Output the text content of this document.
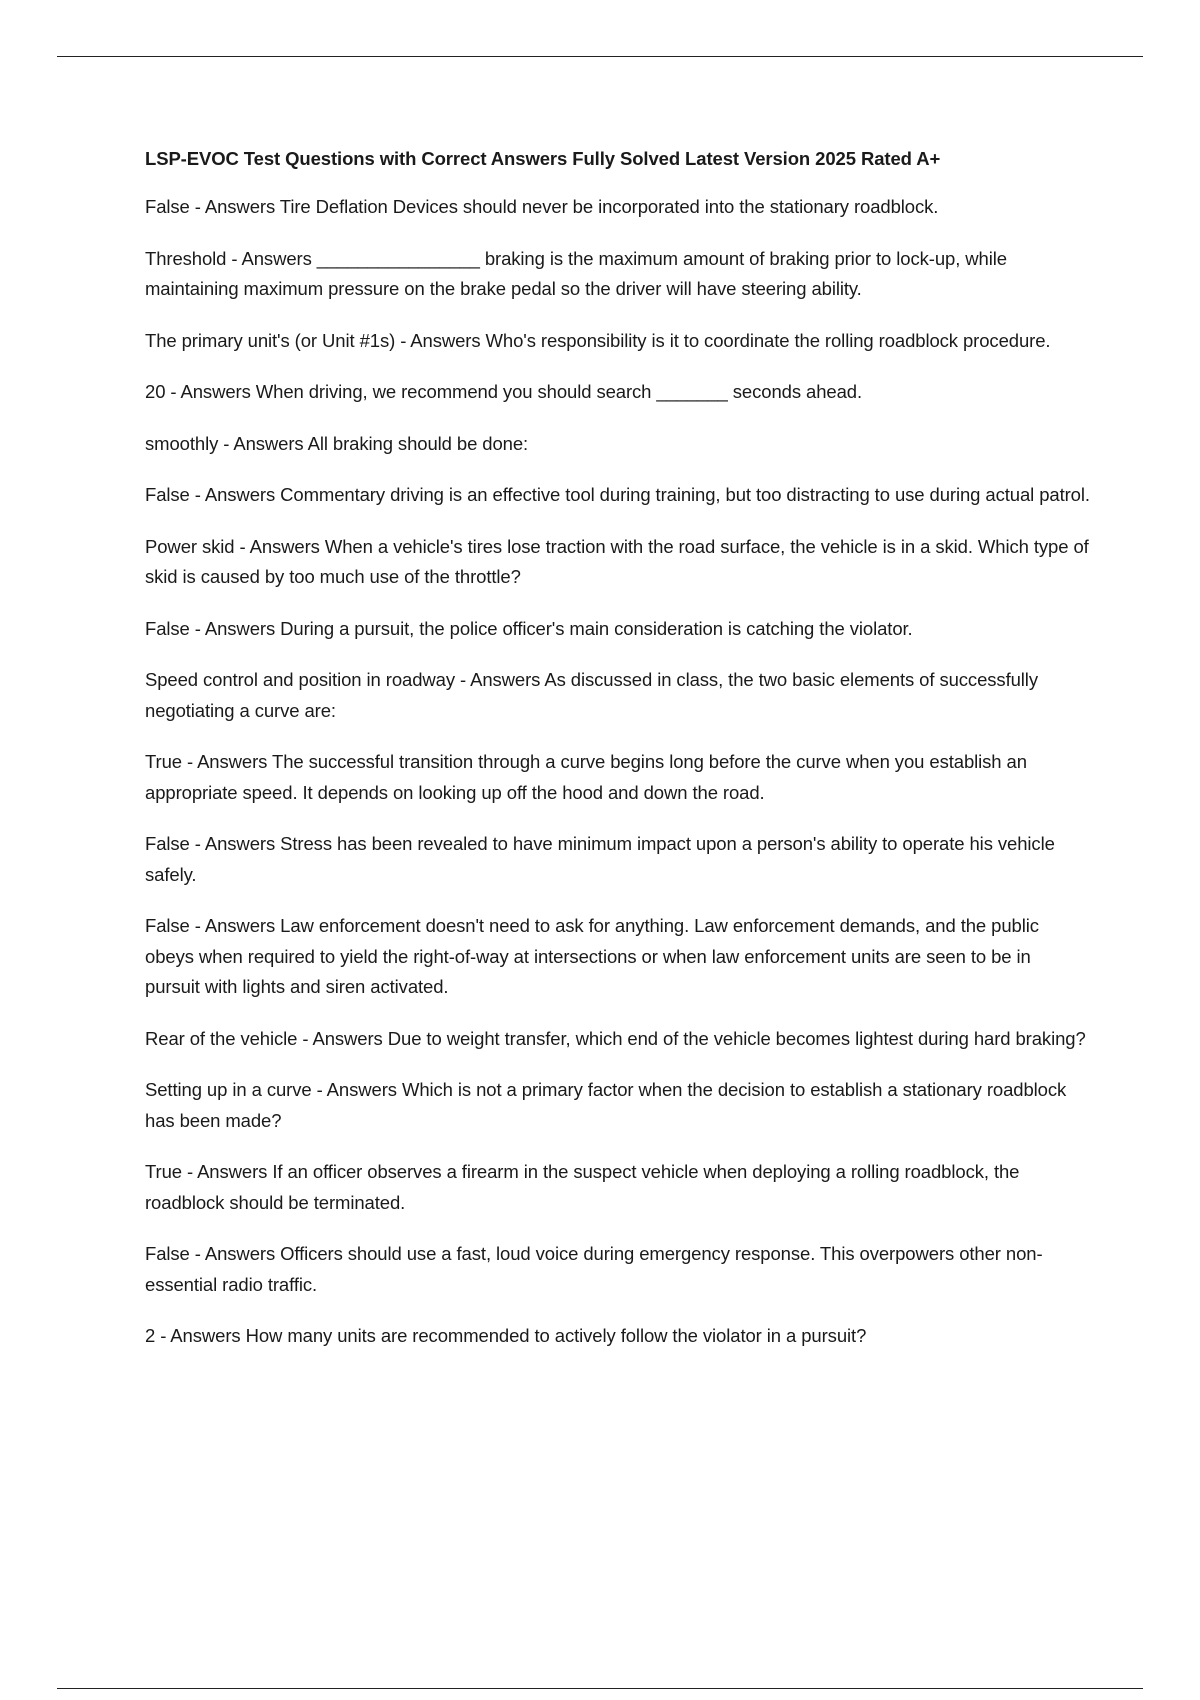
LSP-EVOC Test Questions with Correct Answers Fully Solved Latest Version 2025 Rated A+

False - Answers Tire Deflation Devices should never be incorporated into the stationary roadblock.

Threshold - Answers ________________ braking is the maximum amount of braking prior to lock-up, while maintaining maximum pressure on the brake pedal so the driver will have steering ability.

The primary unit's (or Unit #1s) - Answers Who's responsibility is it to coordinate the rolling roadblock procedure.

20 - Answers When driving, we recommend you should search _______ seconds ahead.

smoothly - Answers All braking should be done:

False - Answers Commentary driving is an effective tool during training, but too distracting to use during actual patrol.

Power skid - Answers When a vehicle's tires lose traction with the road surface, the vehicle is in a skid. Which type of skid is caused by too much use of the throttle?

False - Answers During a pursuit, the police officer's main consideration is catching the violator.

Speed control and position in roadway - Answers As discussed in class, the two basic elements of successfully negotiating a curve are:

True - Answers The successful transition through a curve begins long before the curve when you establish an appropriate speed. It depends on looking up off the hood and down the road.

False - Answers Stress has been revealed to have minimum impact upon a person's ability to operate his vehicle safely.

False - Answers Law enforcement doesn't need to ask for anything. Law enforcement demands, and the public obeys when required to yield the right-of-way at intersections or when law enforcement units are seen to be in pursuit with lights and siren activated.

Rear of the vehicle - Answers Due to weight transfer, which end of the vehicle becomes lightest during hard braking?

Setting up in a curve - Answers Which is not a primary factor when the decision to establish a stationary roadblock has been made?

True - Answers If an officer observes a firearm in the suspect vehicle when deploying a rolling roadblock, the roadblock should be terminated.

False - Answers Officers should use a fast, loud voice during emergency response. This overpowers other non-essential radio traffic.

2 - Answers How many units are recommended to actively follow the violator in a pursuit?
